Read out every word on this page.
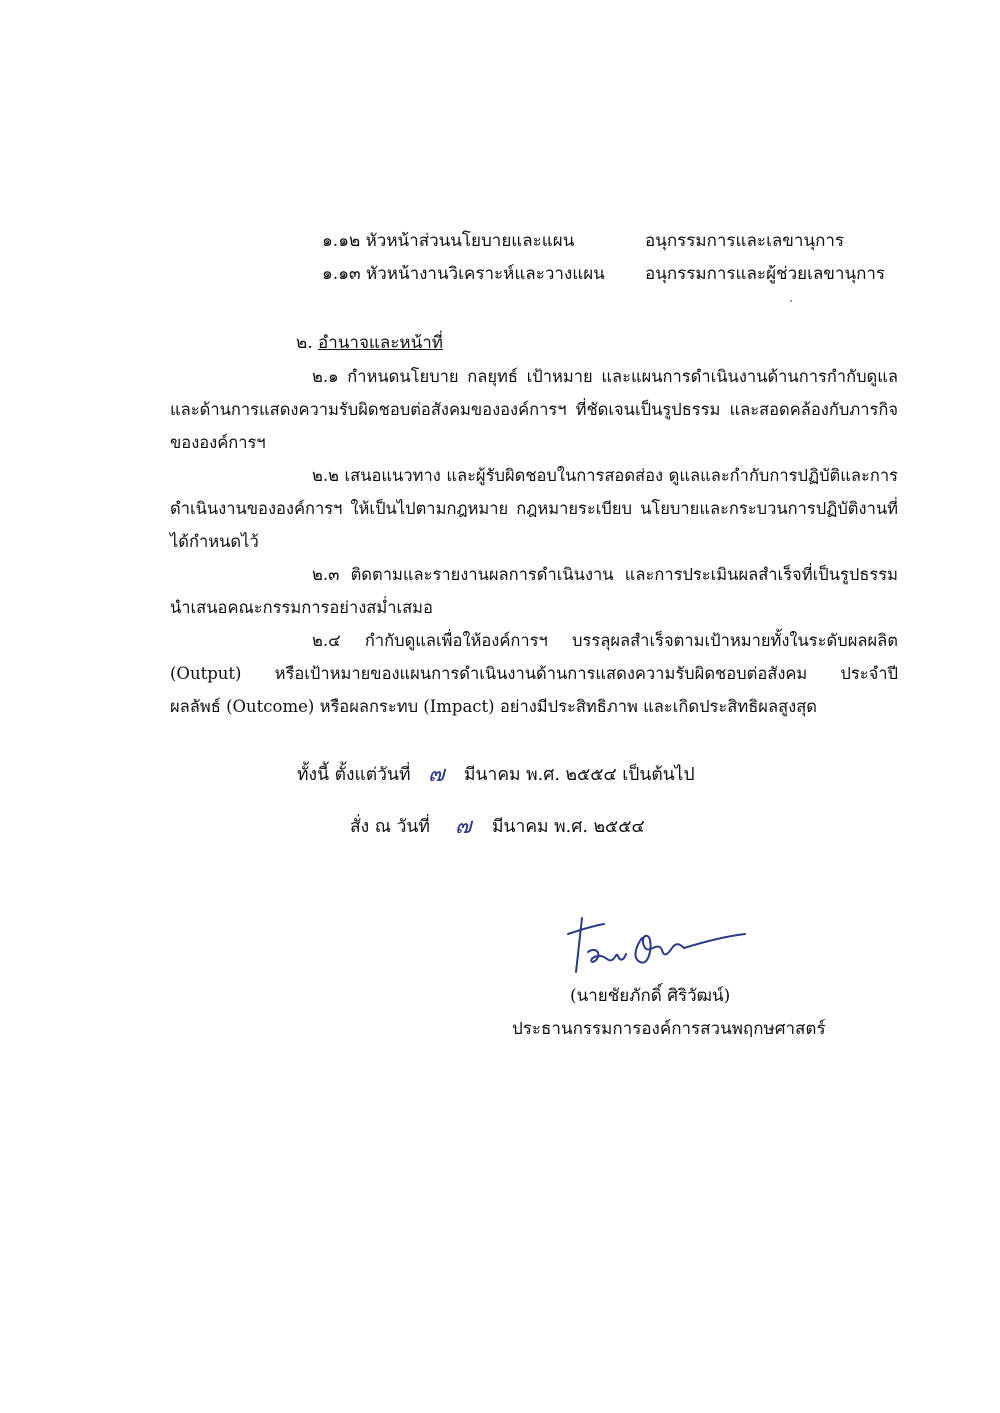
๑.๑๒ หัวหน้าส่วนนโยบายและแผน	อนุกรรมการและเลขานุการ
๑.๑๓ หัวหน้างานวิเคราะห์และวางแผน อนุกรรมการและผู้ช่วยเลขานุการ
๒. อำนาจและหน้าที่
๒.๑ กำหนดนโยบาย กลยุทธ์ เป้าหมาย และแผนการดำเนินงานด้านการกำกับดูแลและด้านการแสดงความรับผิดชอบต่อสังคมขององค์การฯ ที่ชัดเจนเป็นรูปธรรม และสอดคล้องกับภารกิจขององค์การฯ
๒.๒ เสนอแนวทาง และผู้รับผิดชอบในการสอดส่อง ดูแลและกำกับการปฏิบัติและการดำเนินงานขององค์การฯ ให้เป็นไปตามกฎหมาย กฎหมายระเบียบ นโยบายและกระบวนการปฏิบัติงานที่ได้กำหนดไว้
๒.๓ ติดตามและรายงานผลการดำเนินงาน และการประเมินผลสำเร็จที่เป็นรูปธรรม นำเสนอคณะกรรมการอย่างสม่ำเสมอ
๒.๔ กำกับดูแลเพื่อให้องค์การฯ บรรลุผลสำเร็จตามเป้าหมายทั้งในระดับผลผลิต (Output) หรือเป้าหมายของแผนการดำเนินงานด้านการแสดงความรับผิดชอบต่อสังคม ประจำปี ผลลัพธ์ (Outcome) หรือผลกระทบ (Impact) อย่างมีประสิทธิภาพ และเกิดประสิทธิผลสูงสุด
ทั้งนี้ ตั้งแต่วันที่ ๗ มีนาคม พ.ศ. ๒๕๕๔ เป็นต้นไป
สั่ง ณ วันที่ ๗ มีนาคม พ.ศ. ๒๕๕๔
(นายชัยภักดิ์ ศิริวัฒน์)
ประธานกรรมการองค์การสวนพฤกษศาสตร์
